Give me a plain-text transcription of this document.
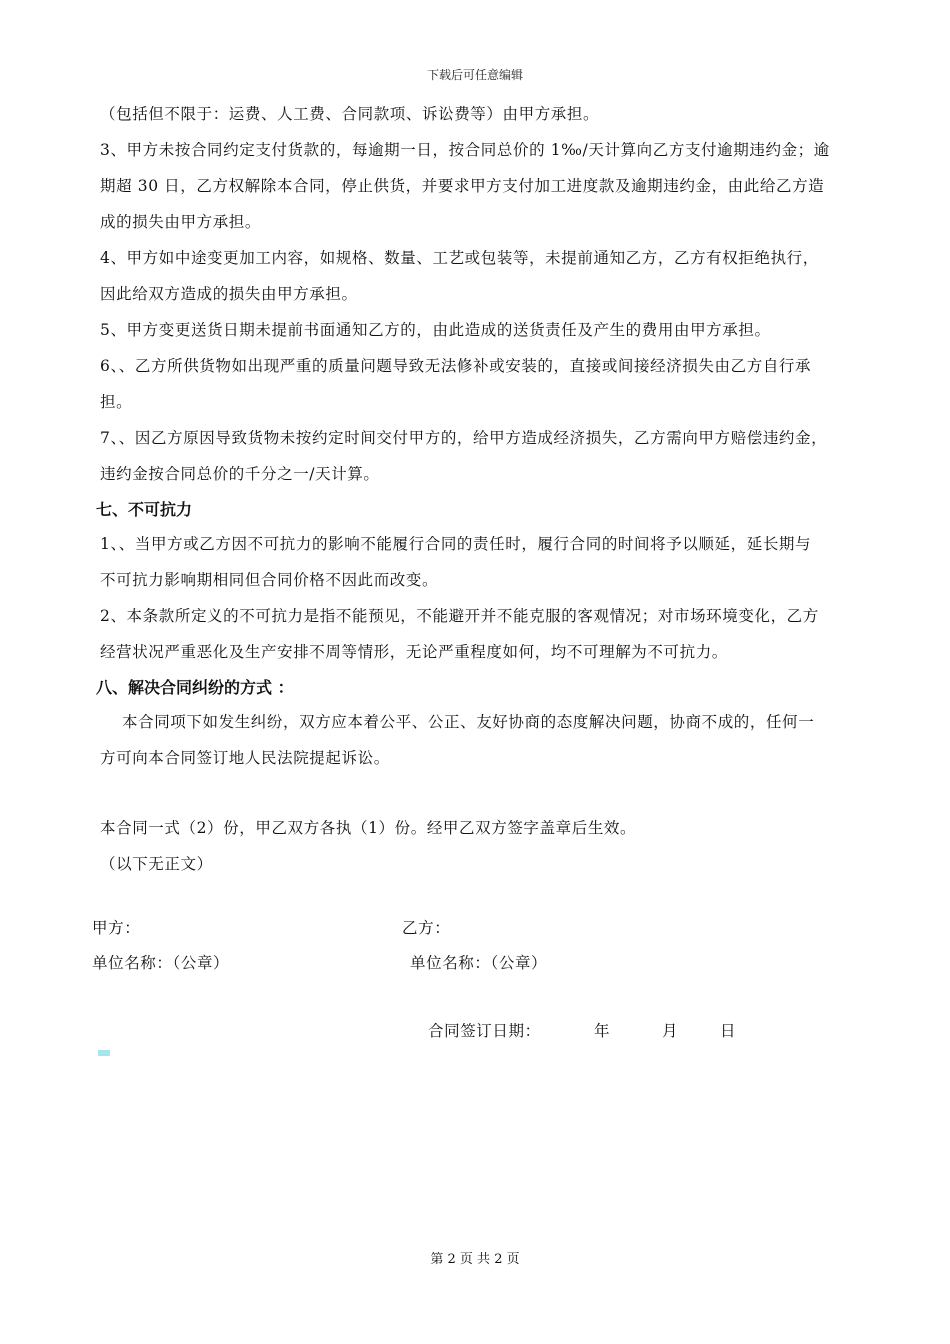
下载后可任意编辑
（包括但不限于：运费、人工费、合同款项、诉讼费等）由甲方承担。
3、甲方未按合同约定支付货款的，每逾期一日，按合同总价的 1‰/天计算向乙方支付逾期违约金；逾
期超 30 日，乙方权解除本合同，停止供货，并要求甲方支付加工进度款及逾期违约金，由此给乙方造
成的损失由甲方承担。
4、甲方如中途变更加工内容，如规格、数量、工艺或包装等，未提前通知乙方，乙方有权拒绝执行，
因此给双方造成的损失由甲方承担。
5、甲方变更送货日期未提前书面通知乙方的，由此造成的送货责任及产生的费用由甲方承担。
6、、乙方所供货物如出现严重的质量问题导致无法修补或安装的，直接或间接经济损失由乙方自行承
担。
7、、因乙方原因导致货物未按约定时间交付甲方的，给甲方造成经济损失，乙方需向甲方赔偿违约金，
违约金按合同总价的千分之一/天计算。
七、不可抗力
1、、当甲方或乙方因不可抗力的影响不能履行合同的责任时，履行合同的时间将予以顺延，延长期与
不可抗力影响期相同但合同价格不因此而改变。
2、本条款所定义的不可抗力是指不能预见，不能避开并不能克服的客观情况；对市场环境变化，乙方
经营状况严重恶化及生产安排不周等情形，无论严重程度如何，均不可理解为不可抗力。
八、解决合同纠纷的方式 ：
本合同项下如发生纠纷，双方应本着公平、公正、友好协商的态度解决问题，协商不成的，任何一
方可向本合同签订地人民法院提起诉讼。
本合同一式（2）份，甲乙双方各执（1）份。经甲乙双方签字盖章后生效。
（以下无正文）
甲方：	乙方：
单位名称：（公章）	单位名称：（公章）
合同签订日期：	年	月	日
第 2 页 共 2 页
